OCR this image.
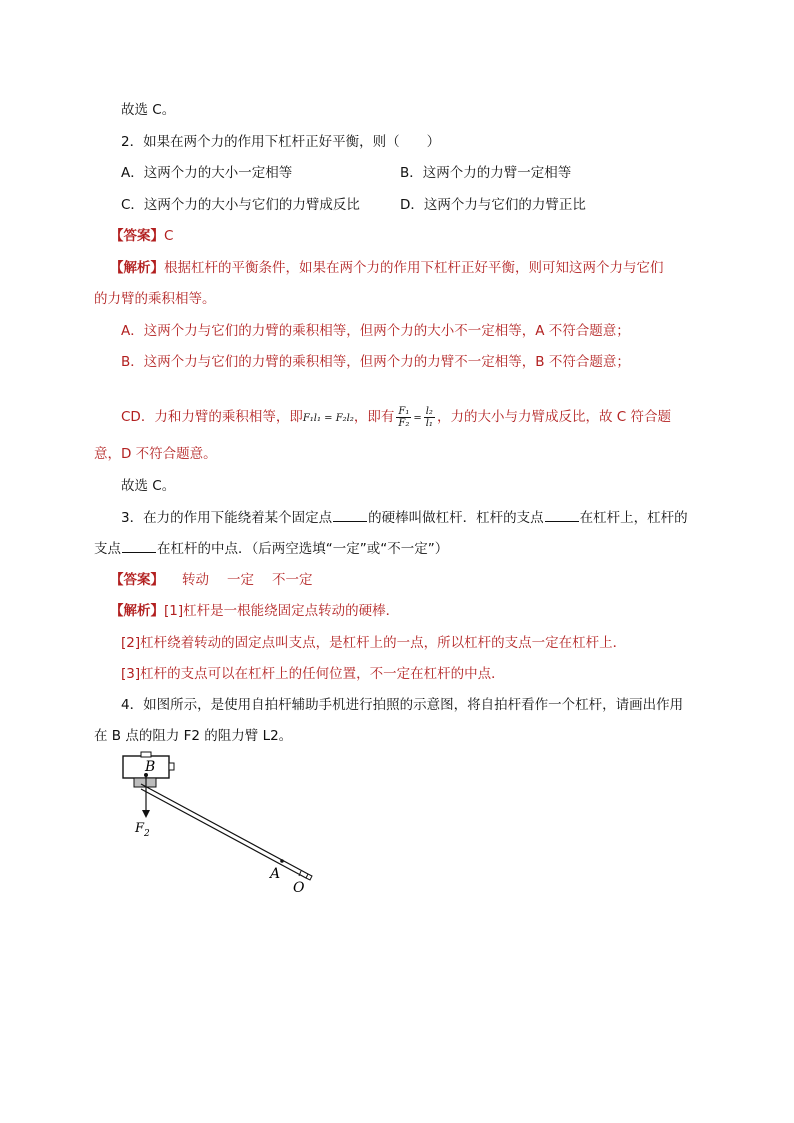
故选 C。
2．如果在两个力的作用下杠杆正好平衡，则（　　）
A．这两个力的大小一定相等	B．这两个力的力臂一定相等
C．这两个力的大小与它们的力臂成反比	D．这两个力与它们的力臂正比
【答案】C
【解析】根据杠杆的平衡条件，如果在两个力的作用下杠杆正好平衡，则可知这两个力与它们
的力臂的乘积相等。
A．这两个力与它们的力臂的乘积相等，但两个力的大小不一定相等，A 不符合题意；
B．这两个力与它们的力臂的乘积相等，但两个力的力臂不一定相等，B 不符合题意；
CD．力和力臂的乘积相等，即F₁l₁ = F₂l₂，即有 $\frac{\text{F₁}}{\text{F₂}} = \frac{\text{l₂}}{\text{l₁}}$ ，力的大小与力臂成反比，故 C 符合题
意，D 不符合题意。
故选 C。
3．在力的作用下能绕着某个固定点	的硬棒叫做杠杆．杠杆的支点	在杠杆上，杠杆的
支点	在杠杆的中点．（后两空选填“一定”或“不一定”）
【答案】 转动 一定 不一定
【解析】[1]杠杆是一根能绕固定点转动的硬棒．
[2]杠杆绕着转动的固定点叫支点，是杠杆上的一点，所以杠杆的支点一定在杠杆上．
[3]杠杆的支点可以在杠杆上的任何位置，不一定在杠杆的中点．
4．如图所示，是使用自拍杆辅助手机进行拍照的示意图，将自拍杆看作一个杠杆，请画出作用
在 B 点的阻力 F2 的阻力臂 L2。
B
$F_2$
A
O
